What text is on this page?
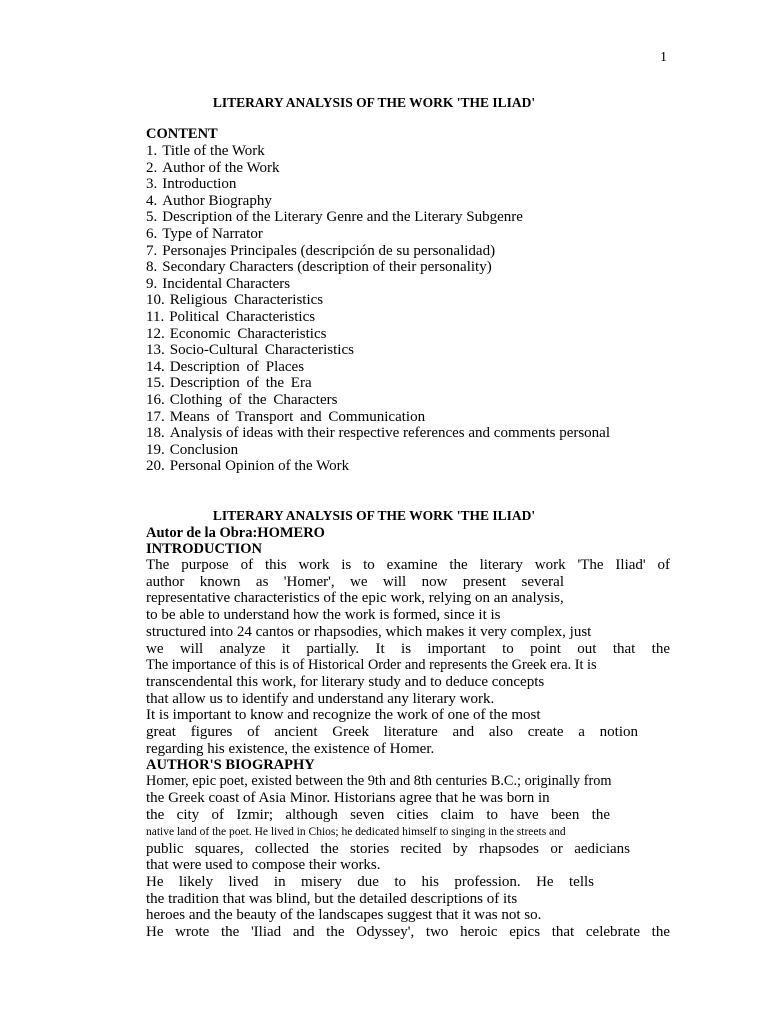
1
LITERARY ANALYSIS OF THE WORK 'THE ILIAD'
CONTENT
1. Title of the Work
2. Author of the Work
3. Introduction
4. Author Biography
5. Description of the Literary Genre and the Literary Subgenre
6. Type of Narrator
7. Personajes Principales (descripción de su personalidad)
8. Secondary Characters (description of their personality)
9. Incidental Characters
10. Religious Characteristics
11. Political Characteristics
12. Economic Characteristics
13. Socio-Cultural Characteristics
14. Description of Places
15. Description of the Era
16. Clothing of the Characters
17. Means of Transport and Communication
18. Analysis of ideas with their respective references and comments personal
19. Conclusion
20. Personal Opinion of the Work
LITERARY ANALYSIS OF THE WORK 'THE ILIAD'
Autor de la Obra:HOMERO
INTRODUCTION

The purpose of this work is to examine the literary work 'The Iliad' of
author known as 'Homer', we will now present several
representative characteristics of the epic work, relying on an analysis,
to be able to understand how the work is formed, since it is
structured into 24 cantos or rhapsodies, which makes it very complex, just
we will analyze it partially. It is important to point out that the
The importance of this is of Historical Order and represents the Greek era. It is
transcendental this work, for literary study and to deduce concepts
that allow us to identify and understand any literary work.
It is important to know and recognize the work of one of the most
great figures of ancient Greek literature and also create a notion
regarding his existence, the existence of Homer.

AUTHOR'S BIOGRAPHY

Homer, epic poet, existed between the 9th and 8th centuries B.C.; originally from
the Greek coast of Asia Minor. Historians agree that he was born in
the city of Izmir; although seven cities claim to have been the
native land of the poet. He lived in Chios; he dedicated himself to singing in the streets and
public squares, collected the stories recited by rhapsodes or aedicians
that were used to compose their works.
He likely lived in misery due to his profession. He tells
the tradition that was blind, but the detailed descriptions of its
heroes and the beauty of the landscapes suggest that it was not so.
He wrote the 'Iliad and the Odyssey', two heroic epics that celebrate the
